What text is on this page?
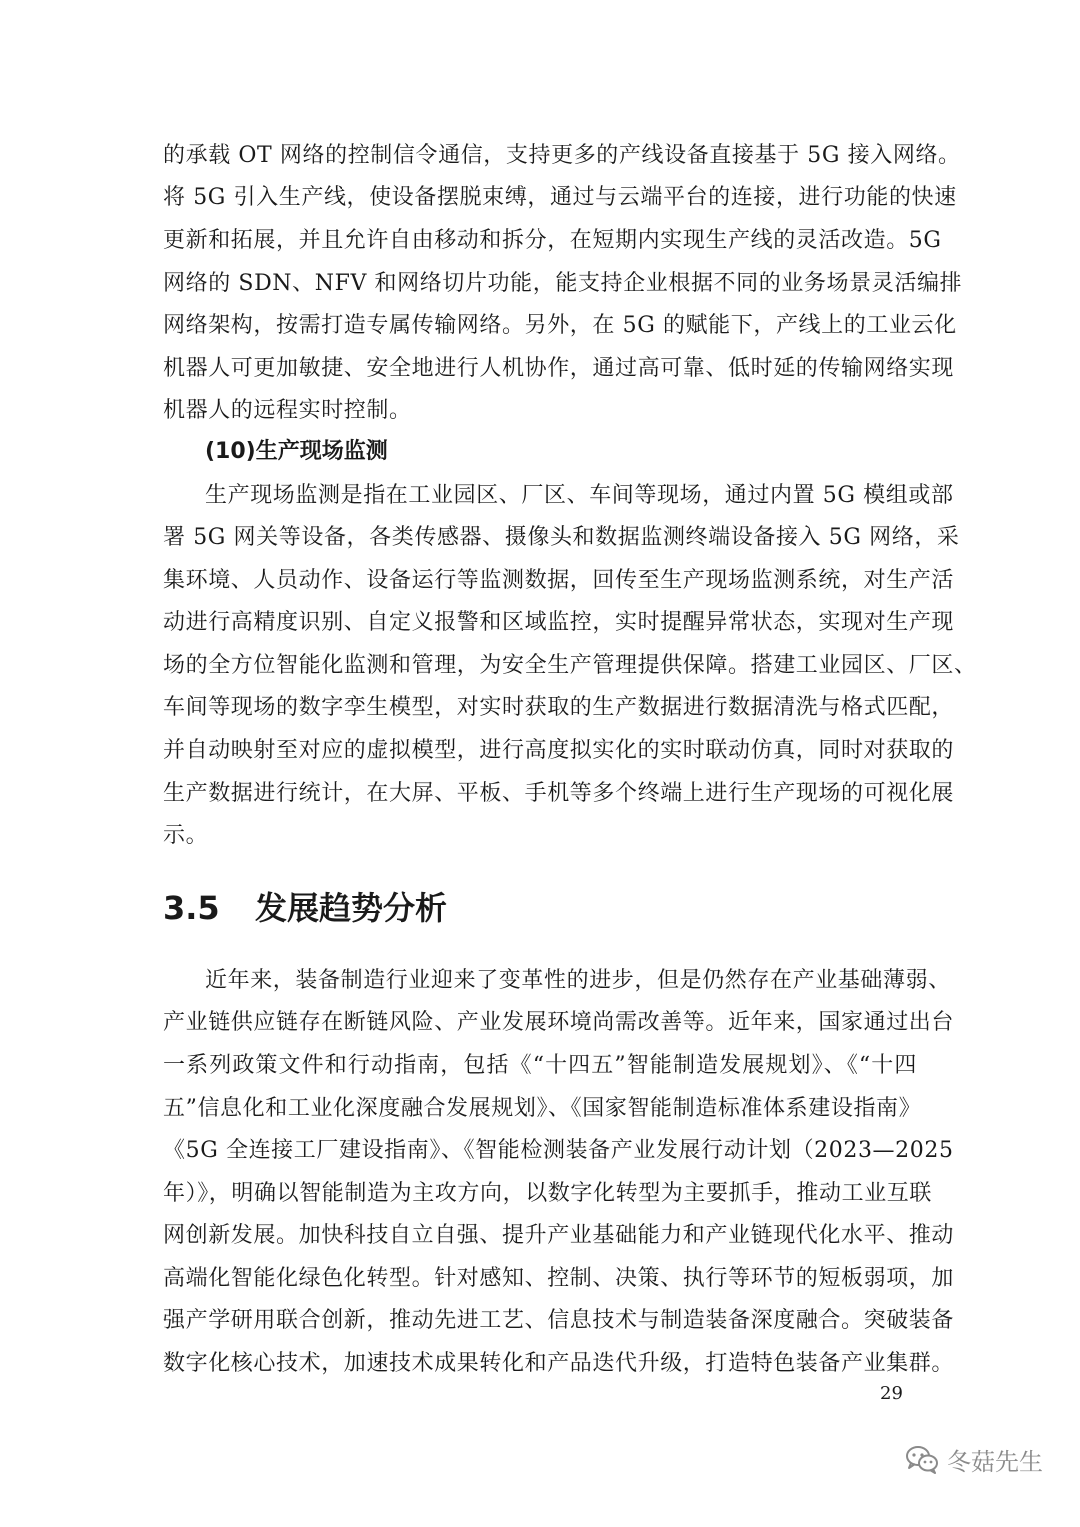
的承载 OT 网络的控制信令通信，支持更多的产线设备直接基于 5G 接入网络。
将 5G 引入生产线，使设备摆脱束缚，通过与云端平台的连接，进行功能的快速
更新和拓展，并且允许自由移动和拆分，在短期内实现生产线的灵活改造。5G
网络的 SDN、NFV 和网络切片功能，能支持企业根据不同的业务场景灵活编排
网络架构，按需打造专属传输网络。另外，在 5G 的赋能下，产线上的工业云化
机器人可更加敏捷、安全地进行人机协作，通过高可靠、低时延的传输网络实现
机器人的远程实时控制。
(10)生产现场监测
生产现场监测是指在工业园区、厂区、车间等现场，通过内置 5G 模组或部
署 5G 网关等设备，各类传感器、摄像头和数据监测终端设备接入 5G 网络，采
集环境、人员动作、设备运行等监测数据，回传至生产现场监测系统，对生产活
动进行高精度识别、自定义报警和区域监控，实时提醒异常状态，实现对生产现
场的全方位智能化监测和管理，为安全生产管理提供保障。搭建工业园区、厂区、
车间等现场的数字孪生模型，对实时获取的生产数据进行数据清洗与格式匹配，
并自动映射至对应的虚拟模型，进行高度拟实化的实时联动仿真，同时对获取的
生产数据进行统计，在大屏、平板、手机等多个终端上进行生产现场的可视化展
示。
3.5 发展趋势分析
近年来，装备制造行业迎来了变革性的进步，但是仍然存在产业基础薄弱、
产业链供应链存在断链风险、产业发展环境尚需改善等。近年来，国家通过出台
一系列政策文件和行动指南，包括《“十四五”智能制造发展规划》、《“十四
五”信息化和工业化深度融合发展规划》、《国家智能制造标准体系建设指南》
《5G 全连接工厂建设指南》、《智能检测装备产业发展行动计划（2023—2025
年）》，明确以智能制造为主攻方向，以数字化转型为主要抓手，推动工业互联
网创新发展。加快科技自立自强、提升产业基础能力和产业链现代化水平、推动
高端化智能化绿色化转型。针对感知、控制、决策、执行等环节的短板弱项，加
强产学研用联合创新，推动先进工艺、信息技术与制造装备深度融合。突破装备
数字化核心技术，加速技术成果转化和产品迭代升级，打造特色装备产业集群。
29
冬菇先生
